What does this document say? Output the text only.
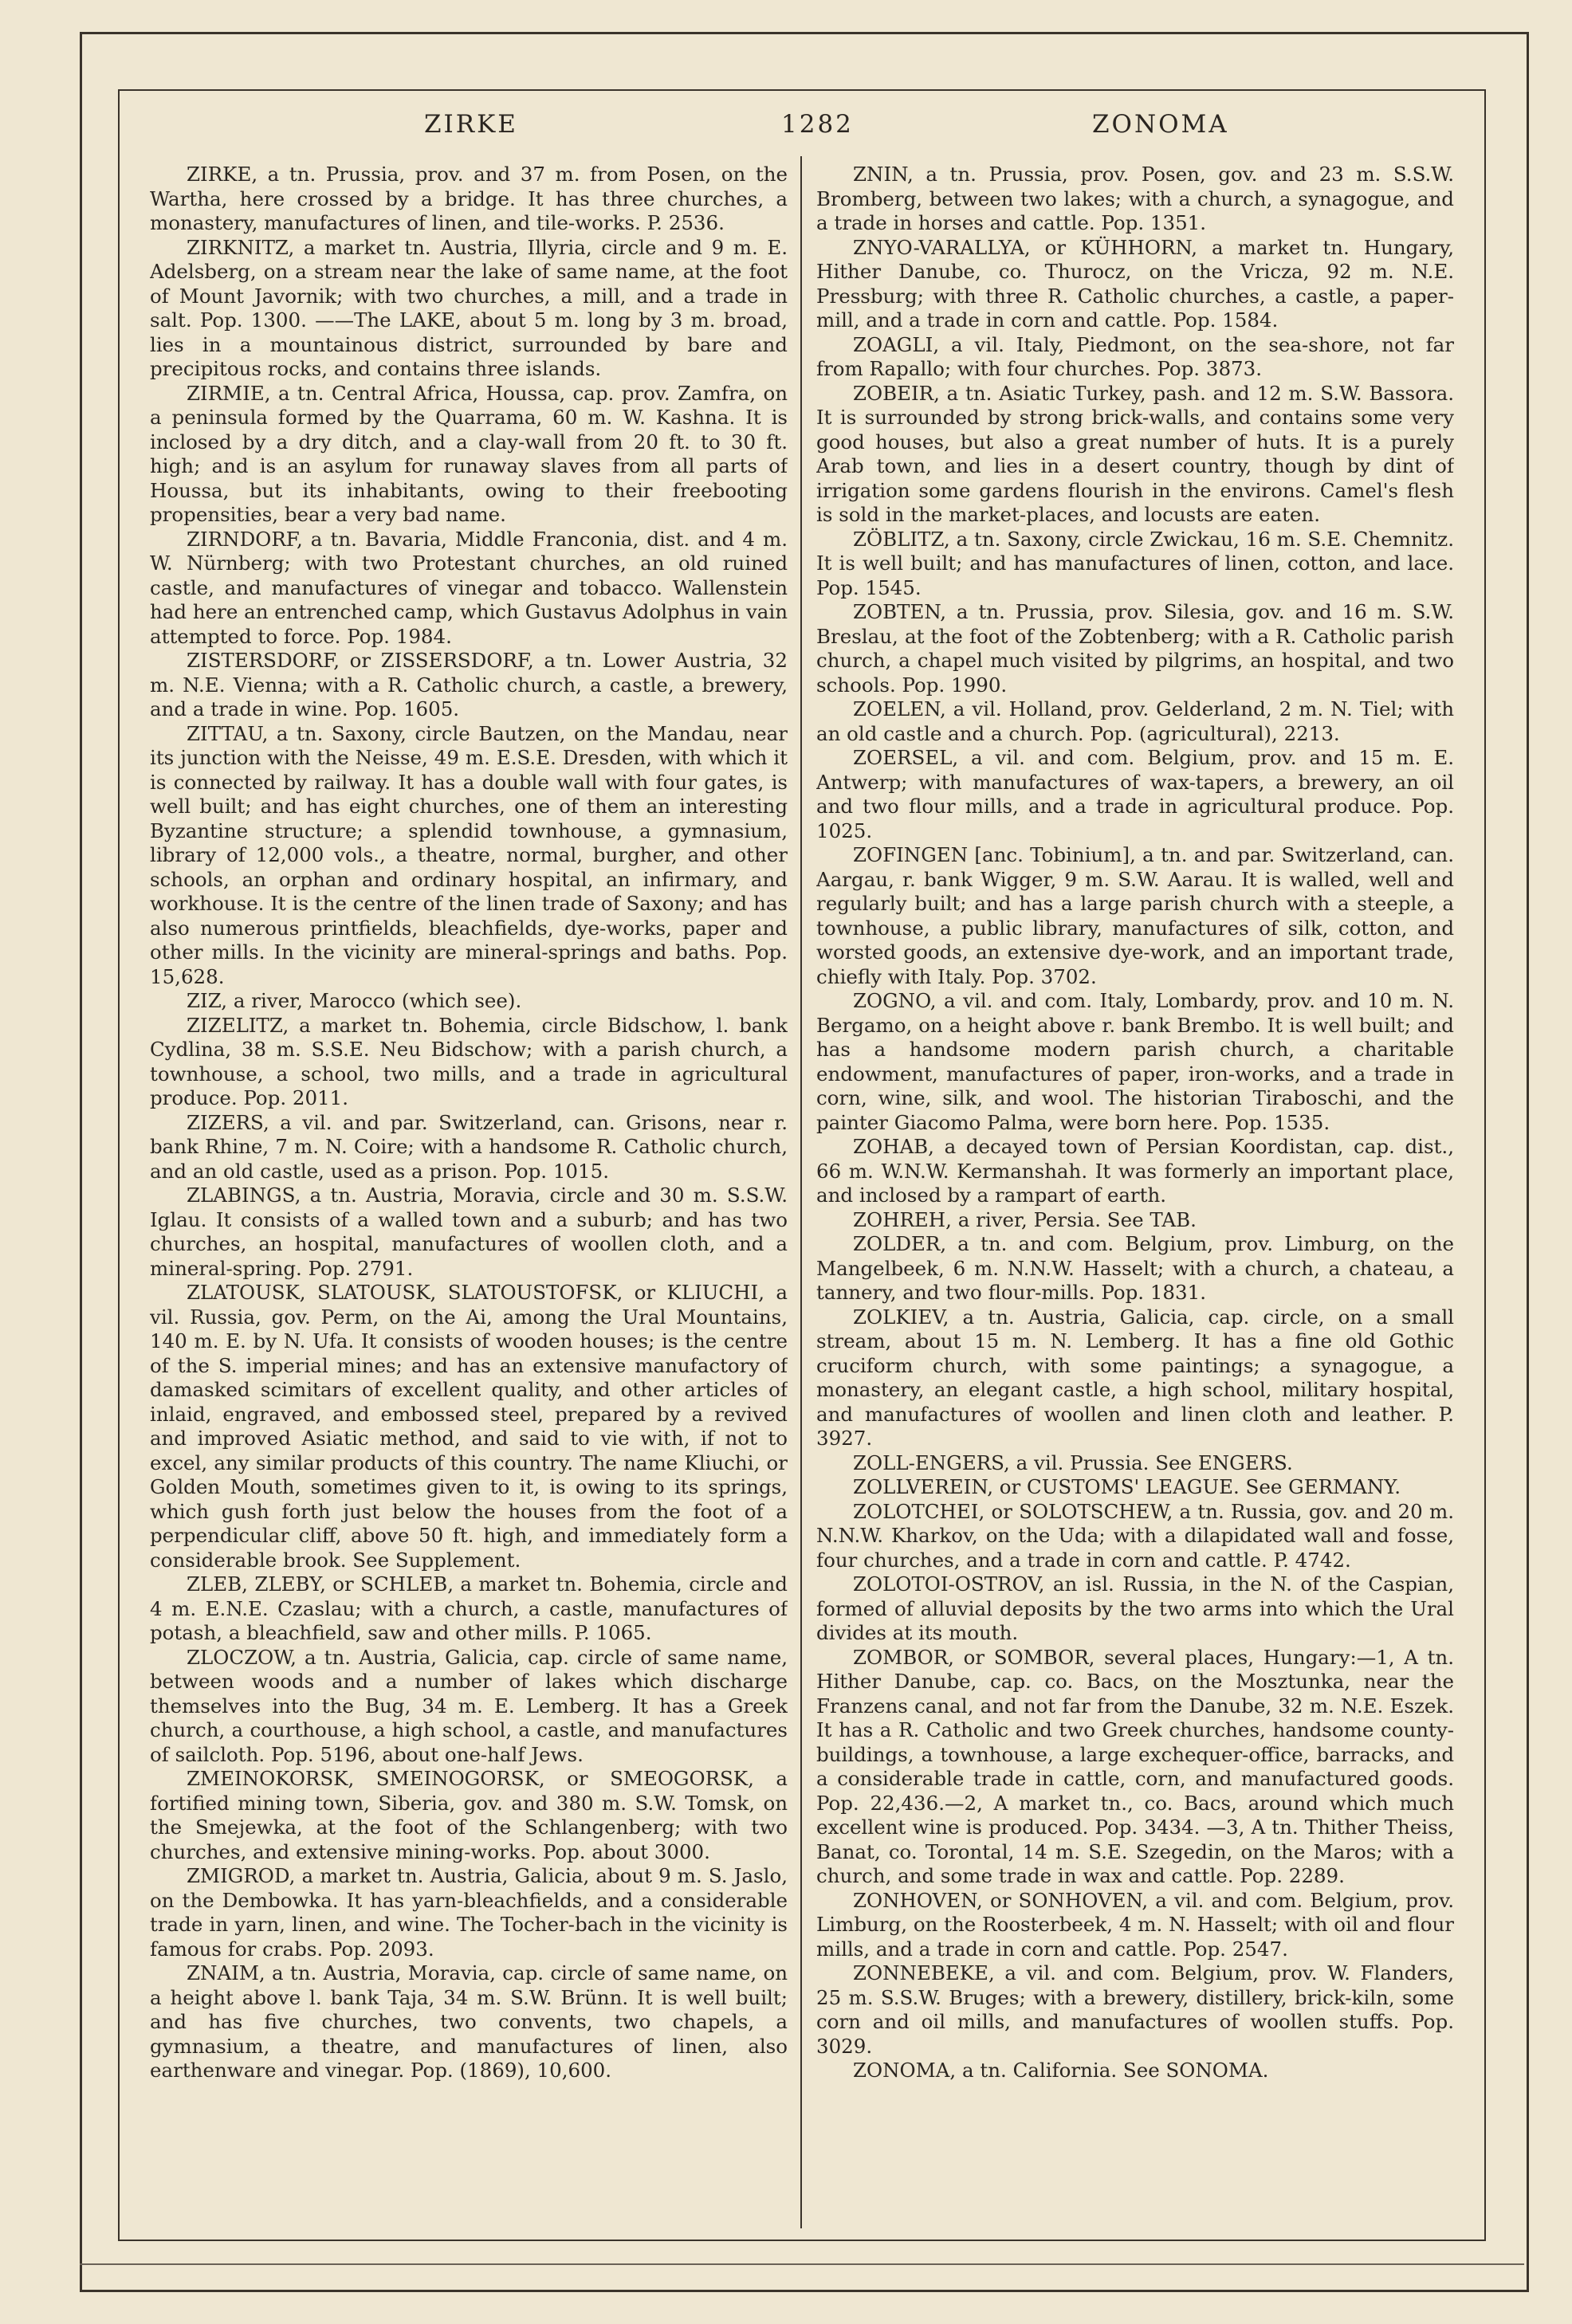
ZIRKE	1282	ZONOMA

ZIRKE, a tn. Prussia, prov. and 37 m. from Posen, on the Wartha, here crossed by a bridge. It has three churches, a monastery, manufactures of linen, and tile-works. P. 2536.

ZIRKNITZ, a market tn. Austria, Illyria, circle and 9 m. E. Adelsberg, on a stream near the lake of same name, at the foot of Mount Javornik; with two churches, a mill, and a trade in salt. Pop. 1300. ——The LAKE, about 5 m. long by 3 m. broad, lies in a mountainous district, surrounded by bare and precipitous rocks, and contains three islands.

ZIRMIE, a tn. Central Africa, Houssa, cap. prov. Zamfra, on a peninsula formed by the Quarrama, 60 m. W. Kashna. It is inclosed by a dry ditch, and a clay-wall from 20 ft. to 30 ft. high; and is an asylum for runaway slaves from all parts of Houssa, but its inhabitants, owing to their freebooting propensities, bear a very bad name.

ZIRNDORF, a tn. Bavaria, Middle Franconia, dist. and 4 m. W. Nürnberg; with two Protestant churches, an old ruined castle, and manufactures of vinegar and tobacco. Wallenstein had here an entrenched camp, which Gustavus Adolphus in vain attempted to force. Pop. 1984.

ZISTERSDORF, or ZISSERSDORF, a tn. Lower Austria, 32 m. N.E. Vienna; with a R. Catholic church, a castle, a brewery, and a trade in wine. Pop. 1605.

ZITTAU, a tn. Saxony, circle Bautzen, on the Mandau, near its junction with the Neisse, 49 m. E.S.E. Dresden, with which it is connected by railway. It has a double wall with four gates, is well built; and has eight churches, one of them an interesting Byzantine structure; a splendid townhouse, a gymnasium, library of 12,000 vols., a theatre, normal, burgher, and other schools, an orphan and ordinary hospital, an infirmary, and workhouse. It is the centre of the linen trade of Saxony; and has also numerous printfields, bleachfields, dye-works, paper and other mills. In the vicinity are mineral-springs and baths. Pop. 15,628.

ZIZ, a river, Marocco (which see).

ZIZELITZ, a market tn. Bohemia, circle Bidschow, l. bank Cydlina, 38 m. S.S.E. Neu Bidschow; with a parish church, a townhouse, a school, two mills, and a trade in agricultural produce. Pop. 2011.

ZIZERS, a vil. and par. Switzerland, can. Grisons, near r. bank Rhine, 7 m. N. Coire; with a handsome R. Catholic church, and an old castle, used as a prison. Pop. 1015.

ZLABINGS, a tn. Austria, Moravia, circle and 30 m. S.S.W. Iglau. It consists of a walled town and a suburb; and has two churches, an hospital, manufactures of woollen cloth, and a mineral-spring. Pop. 2791.

ZLATOUSK, SLATOUSK, SLATOUSTOFSK, or KLIUCHI, a vil. Russia, gov. Perm, on the Ai, among the Ural Mountains, 140 m. E. by N. Ufa. It consists of wooden houses; is the centre of the S. imperial mines; and has an extensive manufactory of damasked scimitars of excellent quality, and other articles of inlaid, engraved, and embossed steel, prepared by a revived and improved Asiatic method, and said to vie with, if not to excel, any similar products of this country. The name Kliuchi, or Golden Mouth, sometimes given to it, is owing to its springs, which gush forth just below the houses from the foot of a perpendicular cliff, above 50 ft. high, and immediately form a considerable brook. See Supplement.

ZLEB, ZLEBY, or SCHLEB, a market tn. Bohemia, circle and 4 m. E.N.E. Czaslau; with a church, a castle, manufactures of potash, a bleachfield, saw and other mills. P. 1065.

ZLOCZOW, a tn. Austria, Galicia, cap. circle of same name, between woods and a number of lakes which discharge themselves into the Bug, 34 m. E. Lemberg. It has a Greek church, a courthouse, a high school, a castle, and manufactures of sailcloth. Pop. 5196, about one-half Jews.

ZMEINOKORSK, SMEINOGORSK, or SMEOGORSK, a fortified mining town, Siberia, gov. and 380 m. S.W. Tomsk, on the Smejewka, at the foot of the Schlangenberg; with two churches, and extensive mining-works. Pop. about 3000.

ZMIGROD, a market tn. Austria, Galicia, about 9 m. S. Jaslo, on the Dembowka. It has yarn-bleachfields, and a considerable trade in yarn, linen, and wine. The Tocher-bach in the vicinity is famous for crabs. Pop. 2093.

ZNAIM, a tn. Austria, Moravia, cap. circle of same name, on a height above l. bank Taja, 34 m. S.W. Brünn. It is well built; and has five churches, two convents, two chapels, a gymnasium, a theatre, and manufactures of linen, also earthenware and vinegar. Pop. (1869), 10,600.

ZNIN, a tn. Prussia, prov. Posen, gov. and 23 m. S.S.W. Bromberg, between two lakes; with a church, a synagogue, and a trade in horses and cattle. Pop. 1351.

ZNYO-VARALLYA, or KÜHHORN, a market tn. Hungary, Hither Danube, co. Thurocz, on the Vricza, 92 m. N.E. Pressburg; with three R. Catholic churches, a castle, a paper-mill, and a trade in corn and cattle. Pop. 1584.

ZOAGLI, a vil. Italy, Piedmont, on the sea-shore, not far from Rapallo; with four churches. Pop. 3873.

ZOBEIR, a tn. Asiatic Turkey, pash. and 12 m. S.W. Bassora. It is surrounded by strong brick-walls, and contains some very good houses, but also a great number of huts. It is a purely Arab town, and lies in a desert country, though by dint of irrigation some gardens flourish in the environs. Camel's flesh is sold in the market-places, and locusts are eaten.

ZÖBLITZ, a tn. Saxony, circle Zwickau, 16 m. S.E. Chemnitz. It is well built; and has manufactures of linen, cotton, and lace. Pop. 1545.

ZOBTEN, a tn. Prussia, prov. Silesia, gov. and 16 m. S.W. Breslau, at the foot of the Zobtenberg; with a R. Catholic parish church, a chapel much visited by pilgrims, an hospital, and two schools. Pop. 1990.

ZOELEN, a vil. Holland, prov. Gelderland, 2 m. N. Tiel; with an old castle and a church. Pop. (agricultural), 2213.

ZOERSEL, a vil. and com. Belgium, prov. and 15 m. E. Antwerp; with manufactures of wax-tapers, a brewery, an oil and two flour mills, and a trade in agricultural produce. Pop. 1025.

ZOFINGEN [anc. Tobinium], a tn. and par. Switzerland, can. Aargau, r. bank Wigger, 9 m. S.W. Aarau. It is walled, well and regularly built; and has a large parish church with a steeple, a townhouse, a public library, manufactures of silk, cotton, and worsted goods, an extensive dye-work, and an important trade, chiefly with Italy. Pop. 3702.

ZOGNO, a vil. and com. Italy, Lombardy, prov. and 10 m. N. Bergamo, on a height above r. bank Brembo. It is well built; and has a handsome modern parish church, a charitable endowment, manufactures of paper, iron-works, and a trade in corn, wine, silk, and wool. The historian Tiraboschi, and the painter Giacomo Palma, were born here. Pop. 1535.

ZOHAB, a decayed town of Persian Koordistan, cap. dist., 66 m. W.N.W. Kermanshah. It was formerly an important place, and inclosed by a rampart of earth.

ZOHREH, a river, Persia. See TAB.

ZOLDER, a tn. and com. Belgium, prov. Limburg, on the Mangelbeek, 6 m. N.N.W. Hasselt; with a church, a chateau, a tannery, and two flour-mills. Pop. 1831.

ZOLKIEV, a tn. Austria, Galicia, cap. circle, on a small stream, about 15 m. N. Lemberg. It has a fine old Gothic cruciform church, with some paintings; a synagogue, a monastery, an elegant castle, a high school, military hospital, and manufactures of woollen and linen cloth and leather. P. 3927.

ZOLL-ENGERS, a vil. Prussia. See ENGERS.

ZOLLVEREIN, or CUSTOMS' LEAGUE. See GERMANY.

ZOLOTCHEI, or SOLOTSCHEW, a tn. Russia, gov. and 20 m. N.N.W. Kharkov, on the Uda; with a dilapidated wall and fosse, four churches, and a trade in corn and cattle. P. 4742.

ZOLOTOI-OSTROV, an isl. Russia, in the N. of the Caspian, formed of alluvial deposits by the two arms into which the Ural divides at its mouth.

ZOMBOR, or SOMBOR, several places, Hungary:—1, A tn. Hither Danube, cap. co. Bacs, on the Mosztunka, near the Franzens canal, and not far from the Danube, 32 m. N.E. Eszek. It has a R. Catholic and two Greek churches, handsome county-buildings, a townhouse, a large exchequer-office, barracks, and a considerable trade in cattle, corn, and manufactured goods. Pop. 22,436.—2, A market tn., co. Bacs, around which much excellent wine is produced. Pop. 3434. —3, A tn. Thither Theiss, Banat, co. Torontal, 14 m. S.E. Szegedin, on the Maros; with a church, and some trade in wax and cattle. Pop. 2289.

ZONHOVEN, or SONHOVEN, a vil. and com. Belgium, prov. Limburg, on the Roosterbeek, 4 m. N. Hasselt; with oil and flour mills, and a trade in corn and cattle. Pop. 2547.

ZONNEBEKE, a vil. and com. Belgium, prov. W. Flanders, 25 m. S.S.W. Bruges; with a brewery, distillery, brick-kiln, some corn and oil mills, and manufactures of woollen stuffs. Pop. 3029.

ZONOMA, a tn. California. See SONOMA.
